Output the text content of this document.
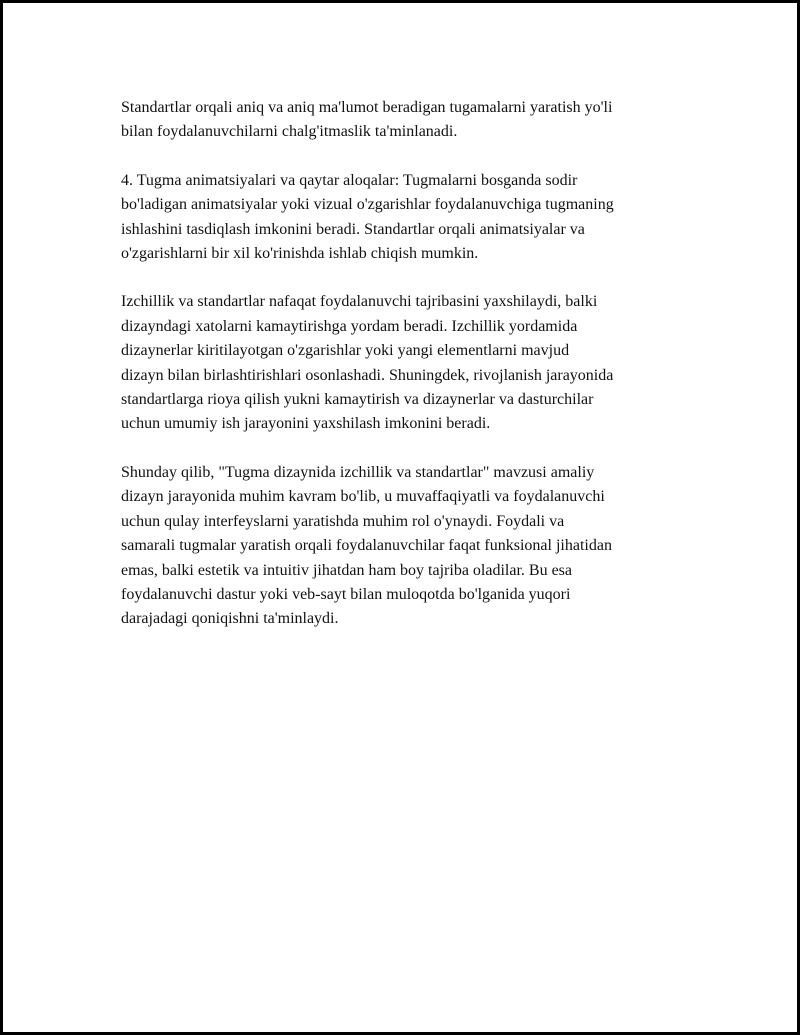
Standartlar orqali aniq va aniq ma'lumot beradigan tugamalarni yaratish yo'li
bilan foydalanuvchilarni chalg'itmaslik ta'minlanadi.

4. Tugma animatsiyalari va qaytar aloqalar: Tugmalarni bosganda sodir
bo'ladigan animatsiyalar yoki vizual o'zgarishlar foydalanuvchiga tugmaning
ishlashini tasdiqlash imkonini beradi. Standartlar orqali animatsiyalar va
o'zgarishlarni bir xil ko'rinishda ishlab chiqish mumkin.

Izchillik va standartlar nafaqat foydalanuvchi tajribasini yaxshilaydi, balki
dizayndagi xatolarni kamaytirishga yordam beradi. Izchillik yordamida
dizaynerlar kiritilayotgan o'zgarishlar yoki yangi elementlarni mavjud
dizayn bilan birlashtirishlari osonlashadi. Shuningdek, rivojlanish jarayonida
standartlarga rioya qilish yukni kamaytirish va dizaynerlar va dasturchilar
uchun umumiy ish jarayonini yaxshilash imkonini beradi.

Shunday qilib, "Tugma dizaynida izchillik va standartlar" mavzusi amaliy
dizayn jarayonida muhim kavram bo'lib, u muvaffaqiyatli va foydalanuvchi
uchun qulay interfeyslarni yaratishda muhim rol o'ynaydi. Foydali va
samarali tugmalar yaratish orqali foydalanuvchilar faqat funksional jihatidan
emas, balki estetik va intuitiv jihatdan ham boy tajriba oladilar. Bu esa
foydalanuvchi dastur yoki veb-sayt bilan muloqotda bo'lganida yuqori
darajadagi qoniqishni ta'minlaydi.
